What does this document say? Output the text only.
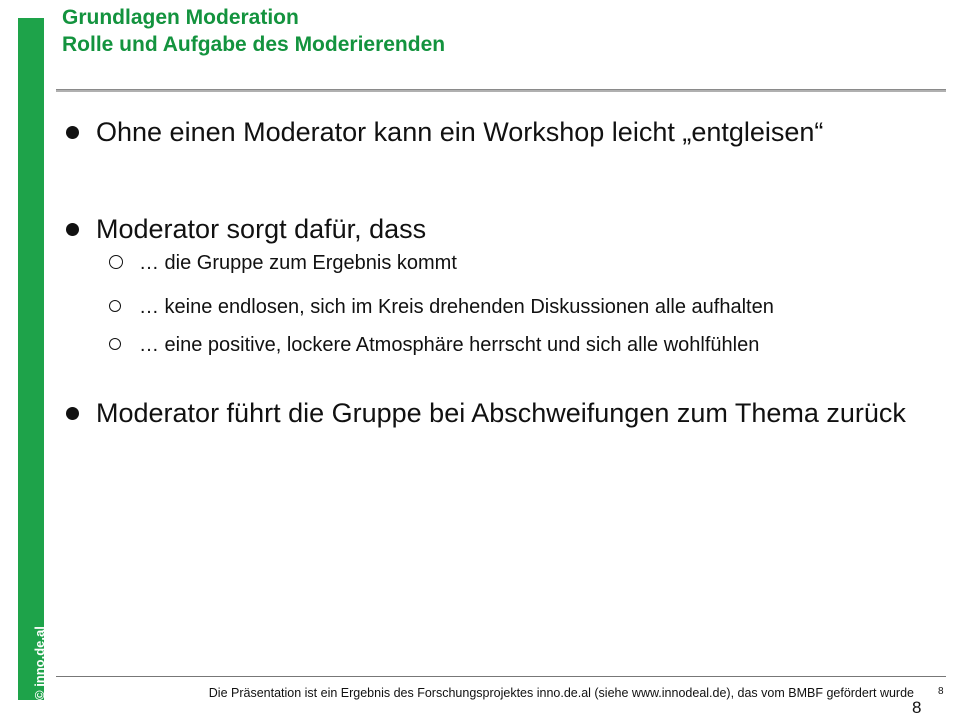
© inno.de.al
Grundlagen Moderation
Rolle und Aufgabe des Moderierenden
Ohne einen Moderator kann ein Workshop leicht „entgleisen“
Moderator sorgt dafür, dass
… die Gruppe zum Ergebnis kommt
… keine endlosen, sich im Kreis drehenden Diskussionen alle aufhalten
… eine positive, lockere Atmosphäre herrscht und sich alle wohlfühlen
Moderator führt die Gruppe bei Abschweifungen zum Thema zurück
Die Präsentation ist ein Ergebnis des Forschungsprojektes inno.de.al (siehe www.innodeal.de), das vom BMBF gefördert wurde 8
8
